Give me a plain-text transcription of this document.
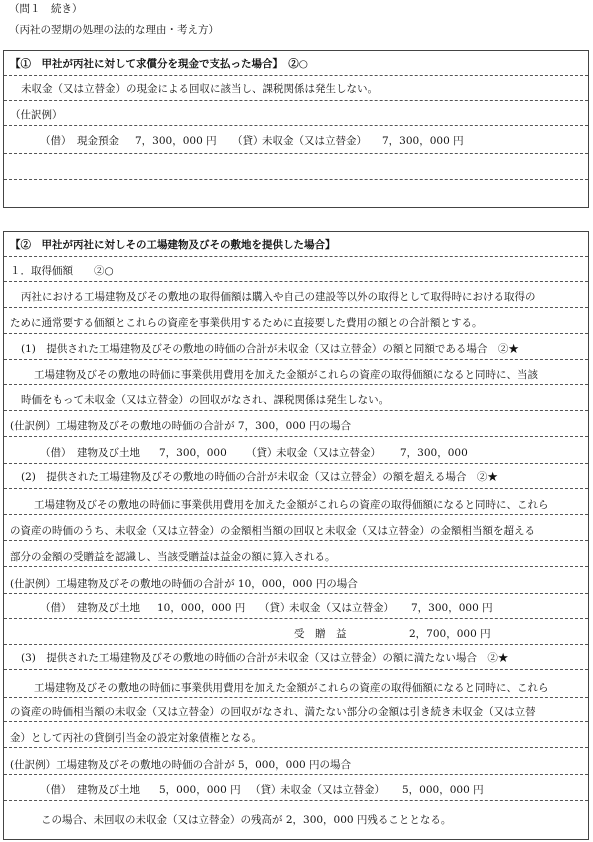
（問１　続き）
（丙社の翌期の処理の法的な理由・考え方）
【①　甲社が丙社に対して求償分を現金で支払った場合】　②○
未収金（又は立替金）の現金による回収に該当し、課税関係は発生しない。
（仕訳例）
（借） 現金預金 7，300，000 円 （貸）
未収金（又は立替金） 7，300，000 円
【②　甲社が丙社に対しその工場建物及びその敷地を提供した場合】
１．取得価額　　②○
丙社における工場建物及びその敷地の取得価額は購入や自己の建設等以外の取得として取得時における取得の
ために通常要する価額とこれらの資産を事業供用するために直接要した費用の額との合計額とする。
(1)　提供された工場建物及びその敷地の時価の合計が未収金（又は立替金）の額と同額である場合　②★
工場建物及びその敷地の時価に事業供用費用を加えた金額がこれらの資産の取得価額になると同時に、当該
時価をもって未収金（又は立替金）の回収がなされ、課税関係は発生しない。
(仕訳例）工場建物及びその敷地の時価の合計が 7，300，000 円の場合
（借） 建物及び土地 7，300，000 （貸）
未収金（又は立替金） 7，300，000
(2)　提供された工場建物及びその敷地の時価の合計が未収金（又は立替金）の額を超える場合　②★
工場建物及びその敷地の時価に事業供用費用を加えた金額がこれらの資産の取得価額になると同時に、これら
の資産の時価のうち、未収金（又は立替金）の金額相当額の回収と未収金（又は立替金）の金額相当額を超える
部分の金額の受贈益を認識し、当該受贈益は益金の額に算入される。
(仕訳例）工場建物及びその敷地の時価の合計が 10，000，000 円の場合
（借） 建物及び土地 10，000，000 円 （貸）
未収金（又は立替金） 7，300，000 円
受　贈　益	2，700，000 円
(3)　提供された工場建物及びその敷地の時価の合計が未収金（又は立替金）の額に満たない場合　②★
工場建物及びその敷地の時価に事業供用費用を加えた金額がこれらの資産の取得価額になると同時に、これら
の資産の時価相当額の未収金（又は立替金）の回収がなされ、満たない部分の金額は引き続き未収金（又は立替
金）として丙社の貸倒引当金の設定対象債権となる。
(仕訳例）工場建物及びその敷地の時価の合計が 5，000，000 円の場合
（借） 建物及び土地 5，000，000 円 （貸）
未収金（又は立替金） 5，000，000 円
この場合、未回収の未収金（又は立替金）の残高が 2，300，000 円残ることとなる。
